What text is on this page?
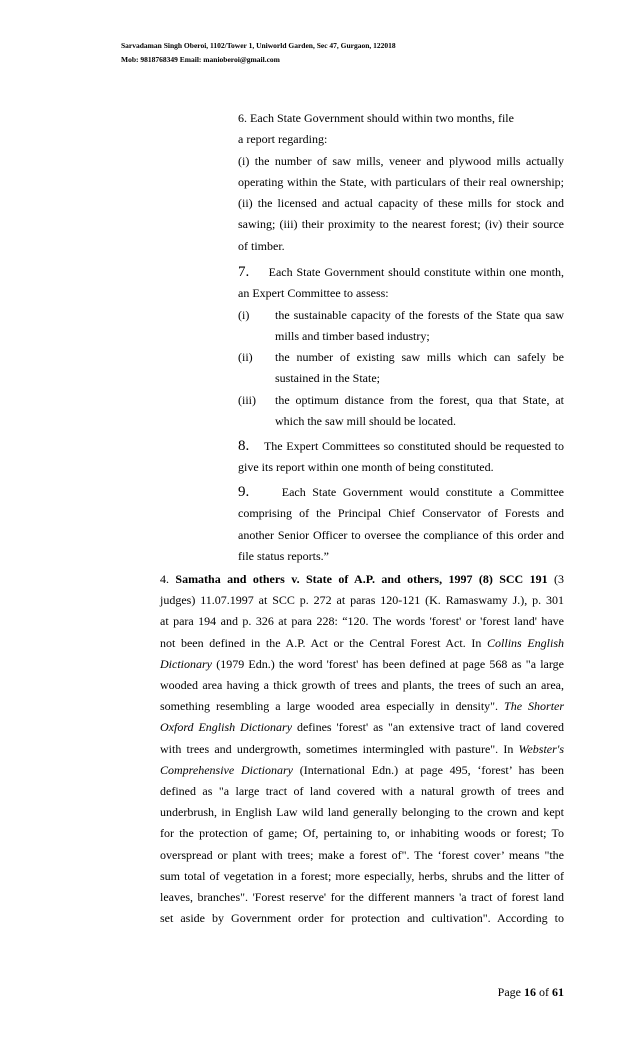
Sarvadaman Singh Oberoi, 1102/Tower 1, Uniworld Garden, Sec 47, Gurgaon, 122018
Mob: 9818768349 Email: manioberoi@gmail.com

6. Each State Government should within two months, file

a report regarding:

(i) the number of saw mills, veneer and plywood mills actually operating within the State, with particulars of their real ownership; (ii) the licensed and actual capacity of these mills for stock and sawing; (iii) their proximity to the nearest forest; (iv) their source of timber.

7. Each State Government should constitute within one month, an Expert Committee to assess:

(i)	the sustainable capacity of the forests of the State qua saw
mills and timber based industry;
(ii)	the number of existing saw mills which can safely be
sustained in the State;
(iii)	the optimum distance from the forest, qua that State, at
which the saw mill should be located.

8. The Expert Committees so constituted should be requested to give its report within one month of being constituted.

9.	Each State Government would constitute a Committee comprising of the Principal Chief Conservator of Forests and another Senior Officer to oversee the compliance of this order and file status reports.”

4. Samatha and others v. State of A.P. and others, 1997 (8) SCC 191 (3
judges) 11.07.1997 at SCC p. 272 at paras 120-121 (K. Ramaswamy J.), p. 301
at para 194 and p. 326 at para 228: “120. The words 'forest' or 'forest land' have
not been defined in the A.P. Act or the Central Forest Act. In Collins English
Dictionary (1979 Edn.) the word 'forest' has been defined at page 568 as "a large
wooded area having a thick growth of trees and plants, the trees of such an area,
something resembling a large wooded area especially in density". The Shorter
Oxford English Dictionary defines 'forest' as "an extensive tract of land covered
with trees and undergrowth, sometimes intermingled with pasture". In Webster's
Comprehensive Dictionary (International Edn.) at page 495, ‘forest’ has been
defined as "a large tract of land covered with a natural growth of trees and
underbrush, in English Law wild land generally belonging to the crown and kept
for the protection of game; Of, pertaining to, or inhabiting woods or forest; To
overspread or plant with trees; make a forest of". The ‘forest cover’ means "the
sum total of vegetation in a forest; more especially, herbs, shrubs and the litter of
leaves, branches". 'Forest reserve' for the different manners 'a tract of forest land
set aside by Government order for protection and cultivation". According to
Page 16 of 61
